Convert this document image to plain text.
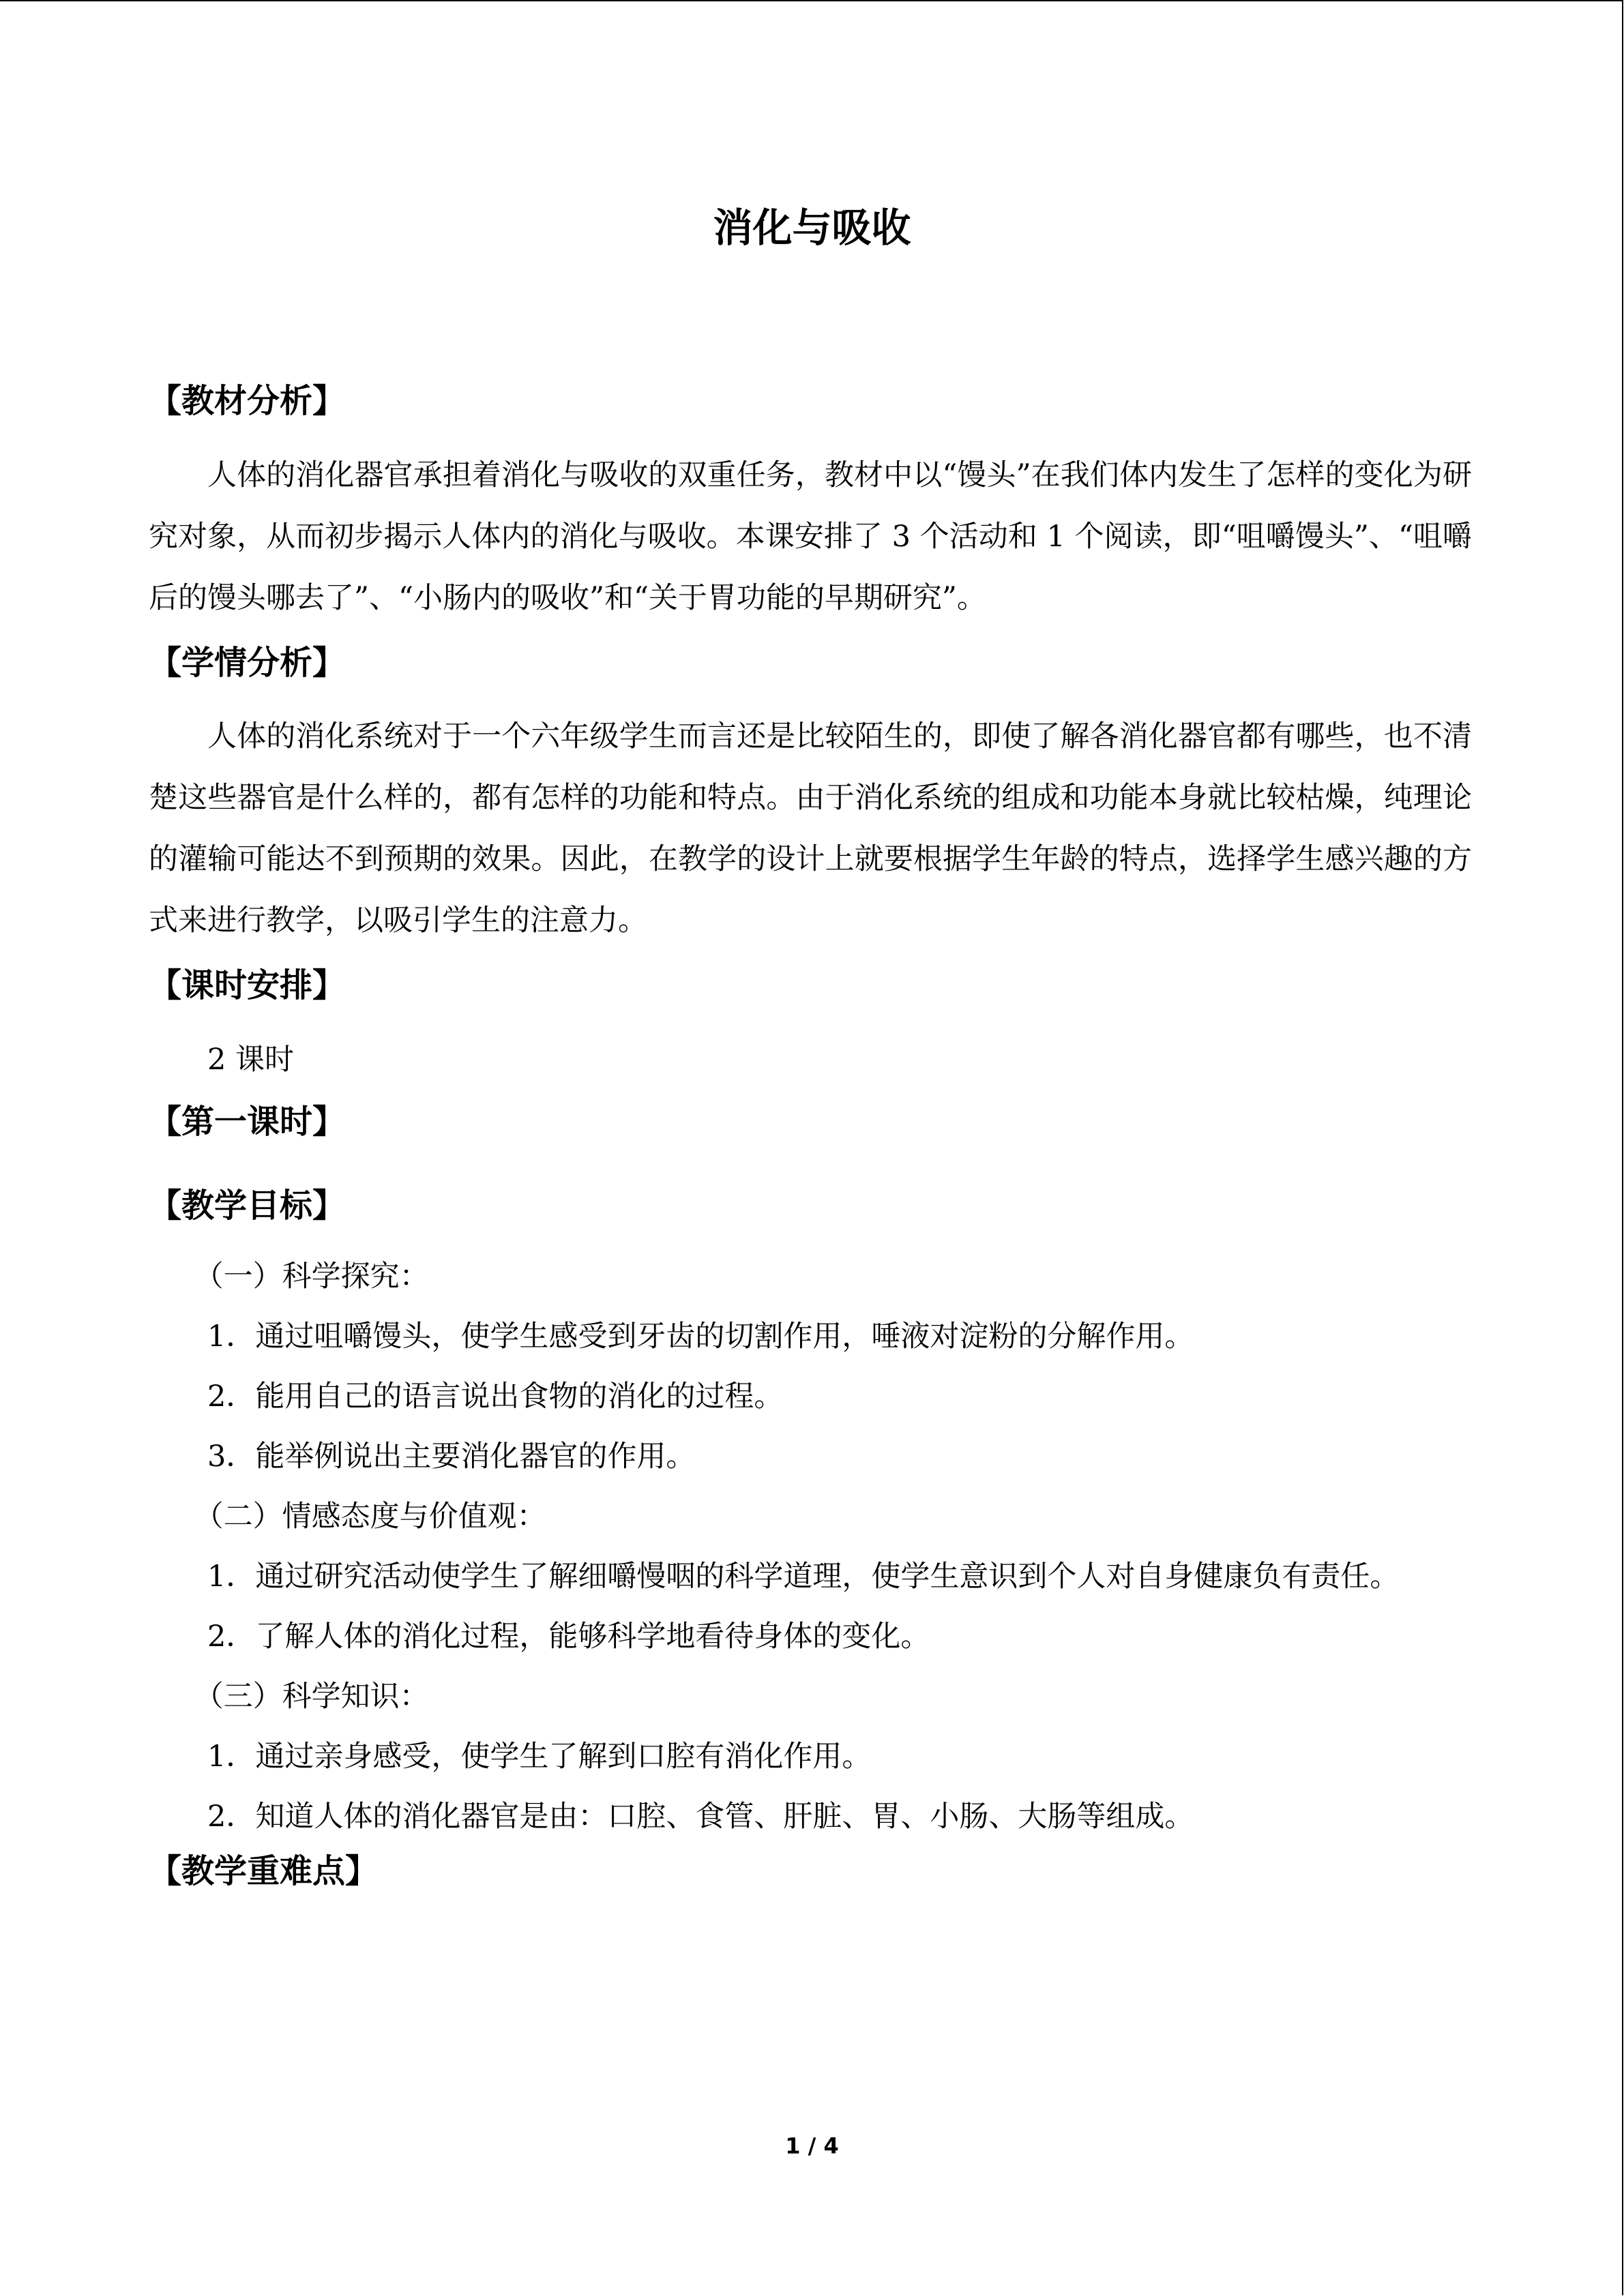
消化与吸收
【教材分析】

人体的消化器官承担着消化与吸收的双重任务，教材中以“馒头”在我们体内发生了怎样的变化为研究对象，从而初步揭示人体内的消化与吸收。本课安排了 3 个活动和 1 个阅读，即“咀嚼馒头”、“咀嚼后的馒头哪去了”、“小肠内的吸收”和“关于胃功能的早期研究”。

【学情分析】

人体的消化系统对于一个六年级学生而言还是比较陌生的，即使了解各消化器官都有哪些，也不清楚这些器官是什么样的，都有怎样的功能和特点。由于消化系统的组成和功能本身就比较枯燥，纯理论的灌输可能达不到预期的效果。因此，在教学的设计上就要根据学生年龄的特点，选择学生感兴趣的方式来进行教学，以吸引学生的注意力。

【课时安排】

2 课时

【第一课时】
【教学目标】

（一）科学探究：

1．通过咀嚼馒头，使学生感受到牙齿的切割作用，唾液对淀粉的分解作用。

2．能用自己的语言说出食物的消化的过程。

3．能举例说出主要消化器官的作用。

（二）情感态度与价值观：

1．通过研究活动使学生了解细嚼慢咽的科学道理，使学生意识到个人对自身健康负有责任。

2．了解人体的消化过程，能够科学地看待身体的变化。

（三）科学知识：

1．通过亲身感受，使学生了解到口腔有消化作用。

2．知道人体的消化器官是由：口腔、食管、肝脏、胃、小肠、大肠等组成。

【教学重难点】
1 / 4
